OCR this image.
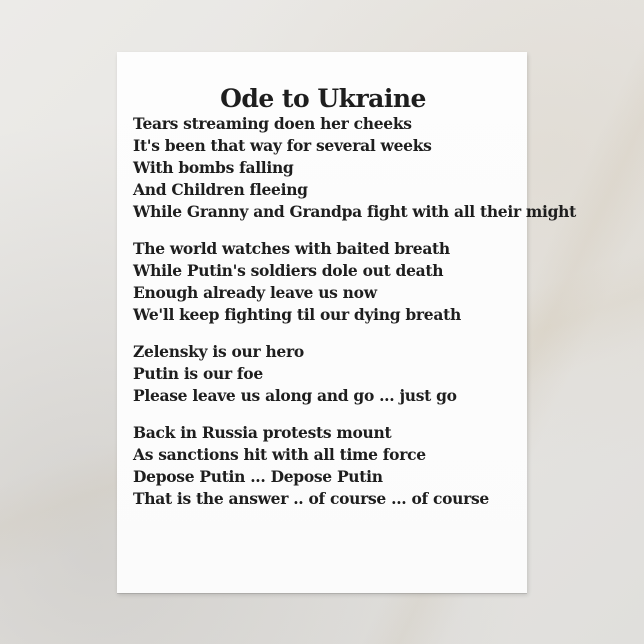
Ode to Ukraine
Tears streaming doen her cheeks
It's been that way for several weeks
With bombs falling
And Children fleeing
While Granny and Grandpa fight with all their might
The world watches with baited breath
While Putin's soldiers dole out death
Enough already leave us now
We'll keep fighting til our dying breath
Zelensky is our hero
Putin is our foe
Please leave us along and go ... just go
Back in Russia protests mount
As sanctions hit with all time force
Depose Putin ... Depose Putin
That is the answer .. of course ... of course
